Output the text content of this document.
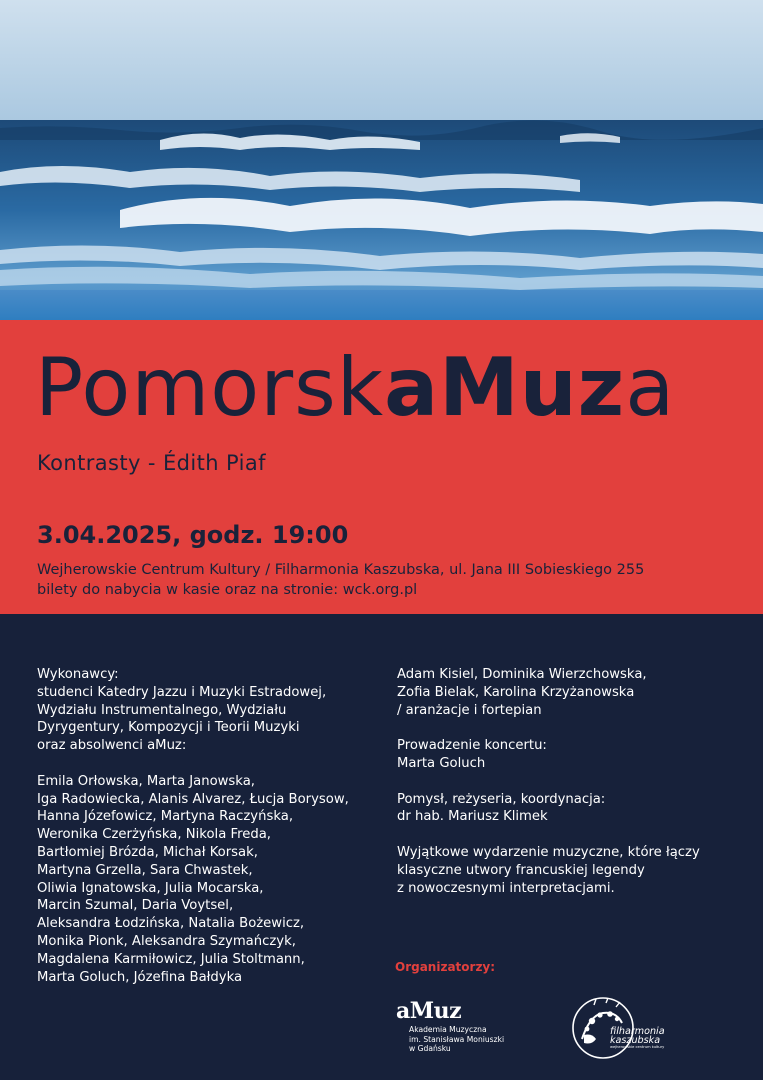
PomorskaMuza
Kontrasty - Édith Piaf
3.04.2025, godz. 19:00
Wejherowskie Centrum Kultury / Filharmonia Kaszubska, ul. Jana III Sobieskiego 255
bilety do nabycia w kasie oraz na stronie: wck.org.pl
Wykonawcy:
studenci Katedry Jazzu i Muzyki Estradowej,
Wydziału Instrumentalnego, Wydziału
Dyrygentury, Kompozycji i Teorii Muzyki
oraz absolwenci aMuz:
Emila Orłowska, Marta Janowska,
Iga Radowiecka, Alanis Alvarez, Łucja Borysow,
Hanna Józefowicz, Martyna Raczyńska,
Weronika Czerżyńska, Nikola Freda,
Bartłomiej Brózda, Michał Korsak,
Martyna Grzella, Sara Chwastek,
Oliwia Ignatowska, Julia Mocarska,
Marcin Szumal, Daria Voytsel,
Aleksandra Łodzińska, Natalia Bożewicz,
Monika Pionk, Aleksandra Szymańczyk,
Magdalena Karmiłowicz, Julia Stoltmann,
Marta Goluch, Józefina Bałdyka
Adam Kisiel, Dominika Wierzchowska,
Zofia Bielak, Karolina Krzyżanowska
/ aranżacje i fortepian
Prowadzenie koncertu:
Marta Goluch
Pomysł, reżyseria, koordynacja:
dr hab. Mariusz Klimek
Wyjątkowe wydarzenie muzyczne, które łączy
klasyczne utwory francuskiej legendy
z nowoczesnymi interpretacjami.
Organizatorzy:
aMuz
Akademia Muzyczna
im. Stanisława Moniuszki
w Gdańsku
filharmonia
kaszubska
wejherowskie centrum kultury
